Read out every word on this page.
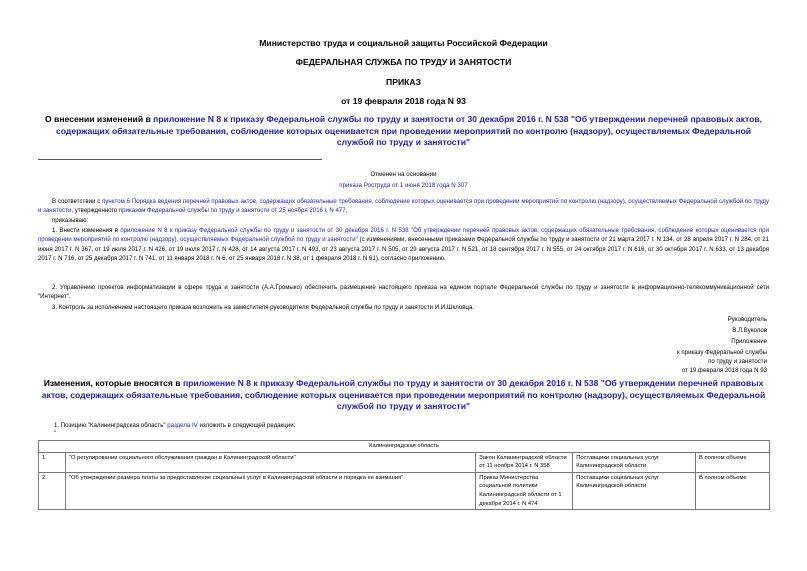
Министерство труда и социальной защиты Российской Федерации
ФЕДЕРАЛЬНАЯ СЛУЖБА ПО ТРУДУ И ЗАНЯТОСТИ
ПРИКАЗ
от 19 февраля 2018 года N 93
О внесении изменений в приложение N 8 к приказу Федеральной службы по труду и занятости от 30 декабря 2016 г. N 538 "Об утверждении перечней правовых актов, содержащих обязательные требования, соблюдение которых оценивается при проведении мероприятий по контролю (надзору), осуществляемых Федеральной службой по труду и занятости"
Отменен на основании
приказа Роструда от 1 июня 2018 года N 307
В соответствии с пунктом 6 Порядка ведения перечней правовых актов, содержащих обязательные требования, соблюдение которых оценивается при проведении мероприятий по контролю (надзору), осуществляемых Федеральной службой по труду и занятости, утвержденного приказом Федеральной службы по труду и занятости от 25 ноября 2016 г. N 477,
приказываю:
1. Внести изменения в приложение N 8 к приказу Федеральной службы по труду и занятости от 30 декабря 2016 г. N 538 "Об утверждении перечней правовых актов, содержащих обязательные требования, соблюдение которых оценивается при проведении мероприятий по контролю (надзору), осуществляемых Федеральной службой по труду и занятости" (с изменениями, внесенными приказами Федеральной службы по труду и занятости от 21 марта 2017 г. N 134, от 28 апреля 2017 г. N 284, от 21 июня 2017 г. N 367, от 19 июля 2017 г. N 426, от 19 июля 2017 г. N 428, от 14 августа 2017 г. N 493, от 23 августа 2017 г. N 505, от 29 августа 2017 г. N 521, от 18 сентября 2017 г. N 555, от 24 октября 2017 г. N 616, от 30 октября 2017 г. N 633, от 13 декабря 2017 г. N 716, от 25 декабря 2017 г. N 741, от 11 января 2018 г. N 6, от 25 января 2018 г. N 38, от 1 февраля 2018 г. N 61), согласно приложению.
2. Управлению проектов информатизации в сфере труда и занятости (А.А.Громыко) обеспечить размещение настоящего приказа на едином портале Федеральной службы по труду и занятости в информационно-телекоммуникационной сети "Интернет".
3. Контроль за исполнением настоящего приказа возложить на заместителя руководителя Федеральной службы по труду и занятости И.И.Шкловца.
Руководитель
В.Л.Вуколов
Приложение
к приказу Федеральной службы
по труду и занятости
от 19 февраля 2018 года N 93
Изменения, которые вносятся в приложение N 8 к приказу Федеральной службы по труду и занятости от 30 декабря 2016 г. N 538 "Об утверждении перечней правовых актов, содержащих обязательные требования, соблюдение которых оценивается при проведении мероприятий по контролю (надзору), осуществляемых Федеральной службой по труду и занятости"
1. Позицию "Калининградская область" раздела IV изложить в следующей редакции:
"
Калининградская область				
1.	"О регулировании социального обслуживания граждан в Калининградской области"	Закон Калининградской области от 11 ноября 2014 г. N 358	Поставщики социальных услуг Калининградской области	В полном объеме
2.	"Об утверждении размера платы за предоставление социальных услуг в Калининградской области и порядка ее взимания"	Приказ Министерства социальной политики Калининградской области от 1 декабря 2014 г. N 474	Поставщики социальных услуг Калининградской области	В полном объеме
